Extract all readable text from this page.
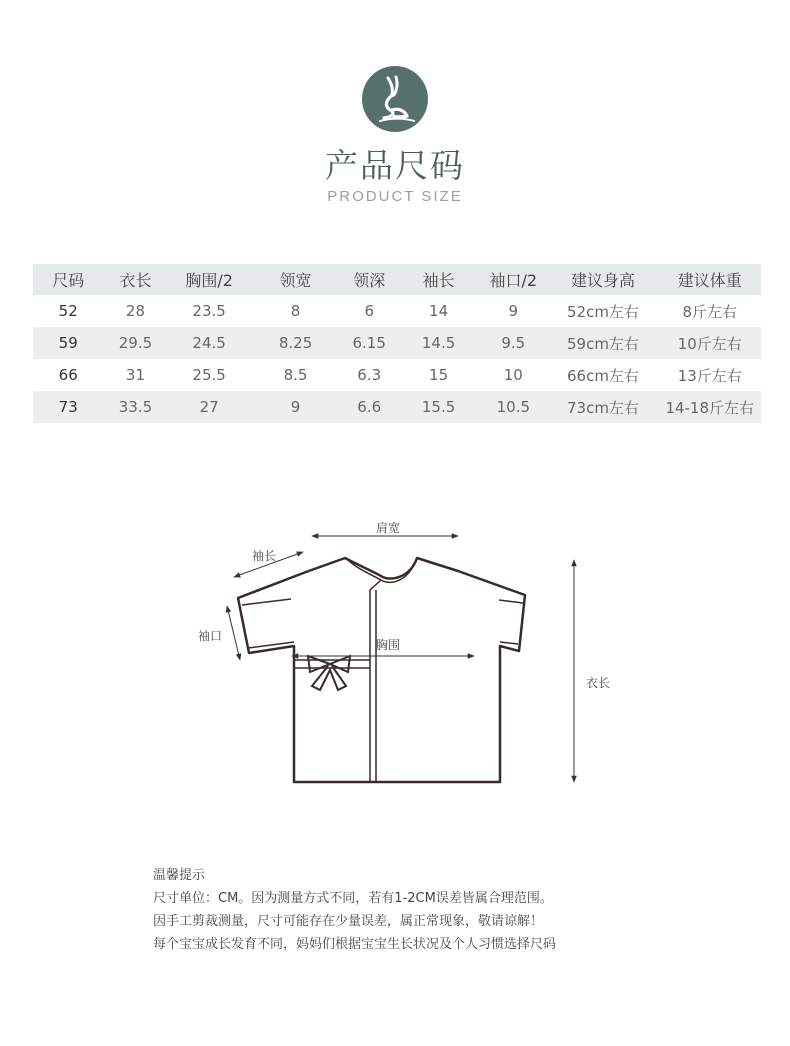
产品尺码
PRODUCT SIZE
尺码	衣长	胸围/2	领宽	领深	袖长	袖口/2	建议身高	建议体重
52	28	23.5	8	6	14	9	52cm左右	8斤左右
59	29.5	24.5	8.25	6.15	14.5	9.5	59cm左右	10斤左右
66	31	25.5	8.5	6.3	15	10	66cm左右	13斤左右
73	33.5	27	9	6.6	15.5	10.5	73cm左右	14-18斤左右
肩宽
袖长
袖口
胸围
衣长
温馨提示
尺寸单位：CM。因为测量方式不同，若有1-2CM误差皆属合理范围。
因手工剪裁测量，尺寸可能存在少量误差，属正常现象，敬请谅解！
每个宝宝成长发育不同，妈妈们根据宝宝生长状况及个人习惯选择尺码
